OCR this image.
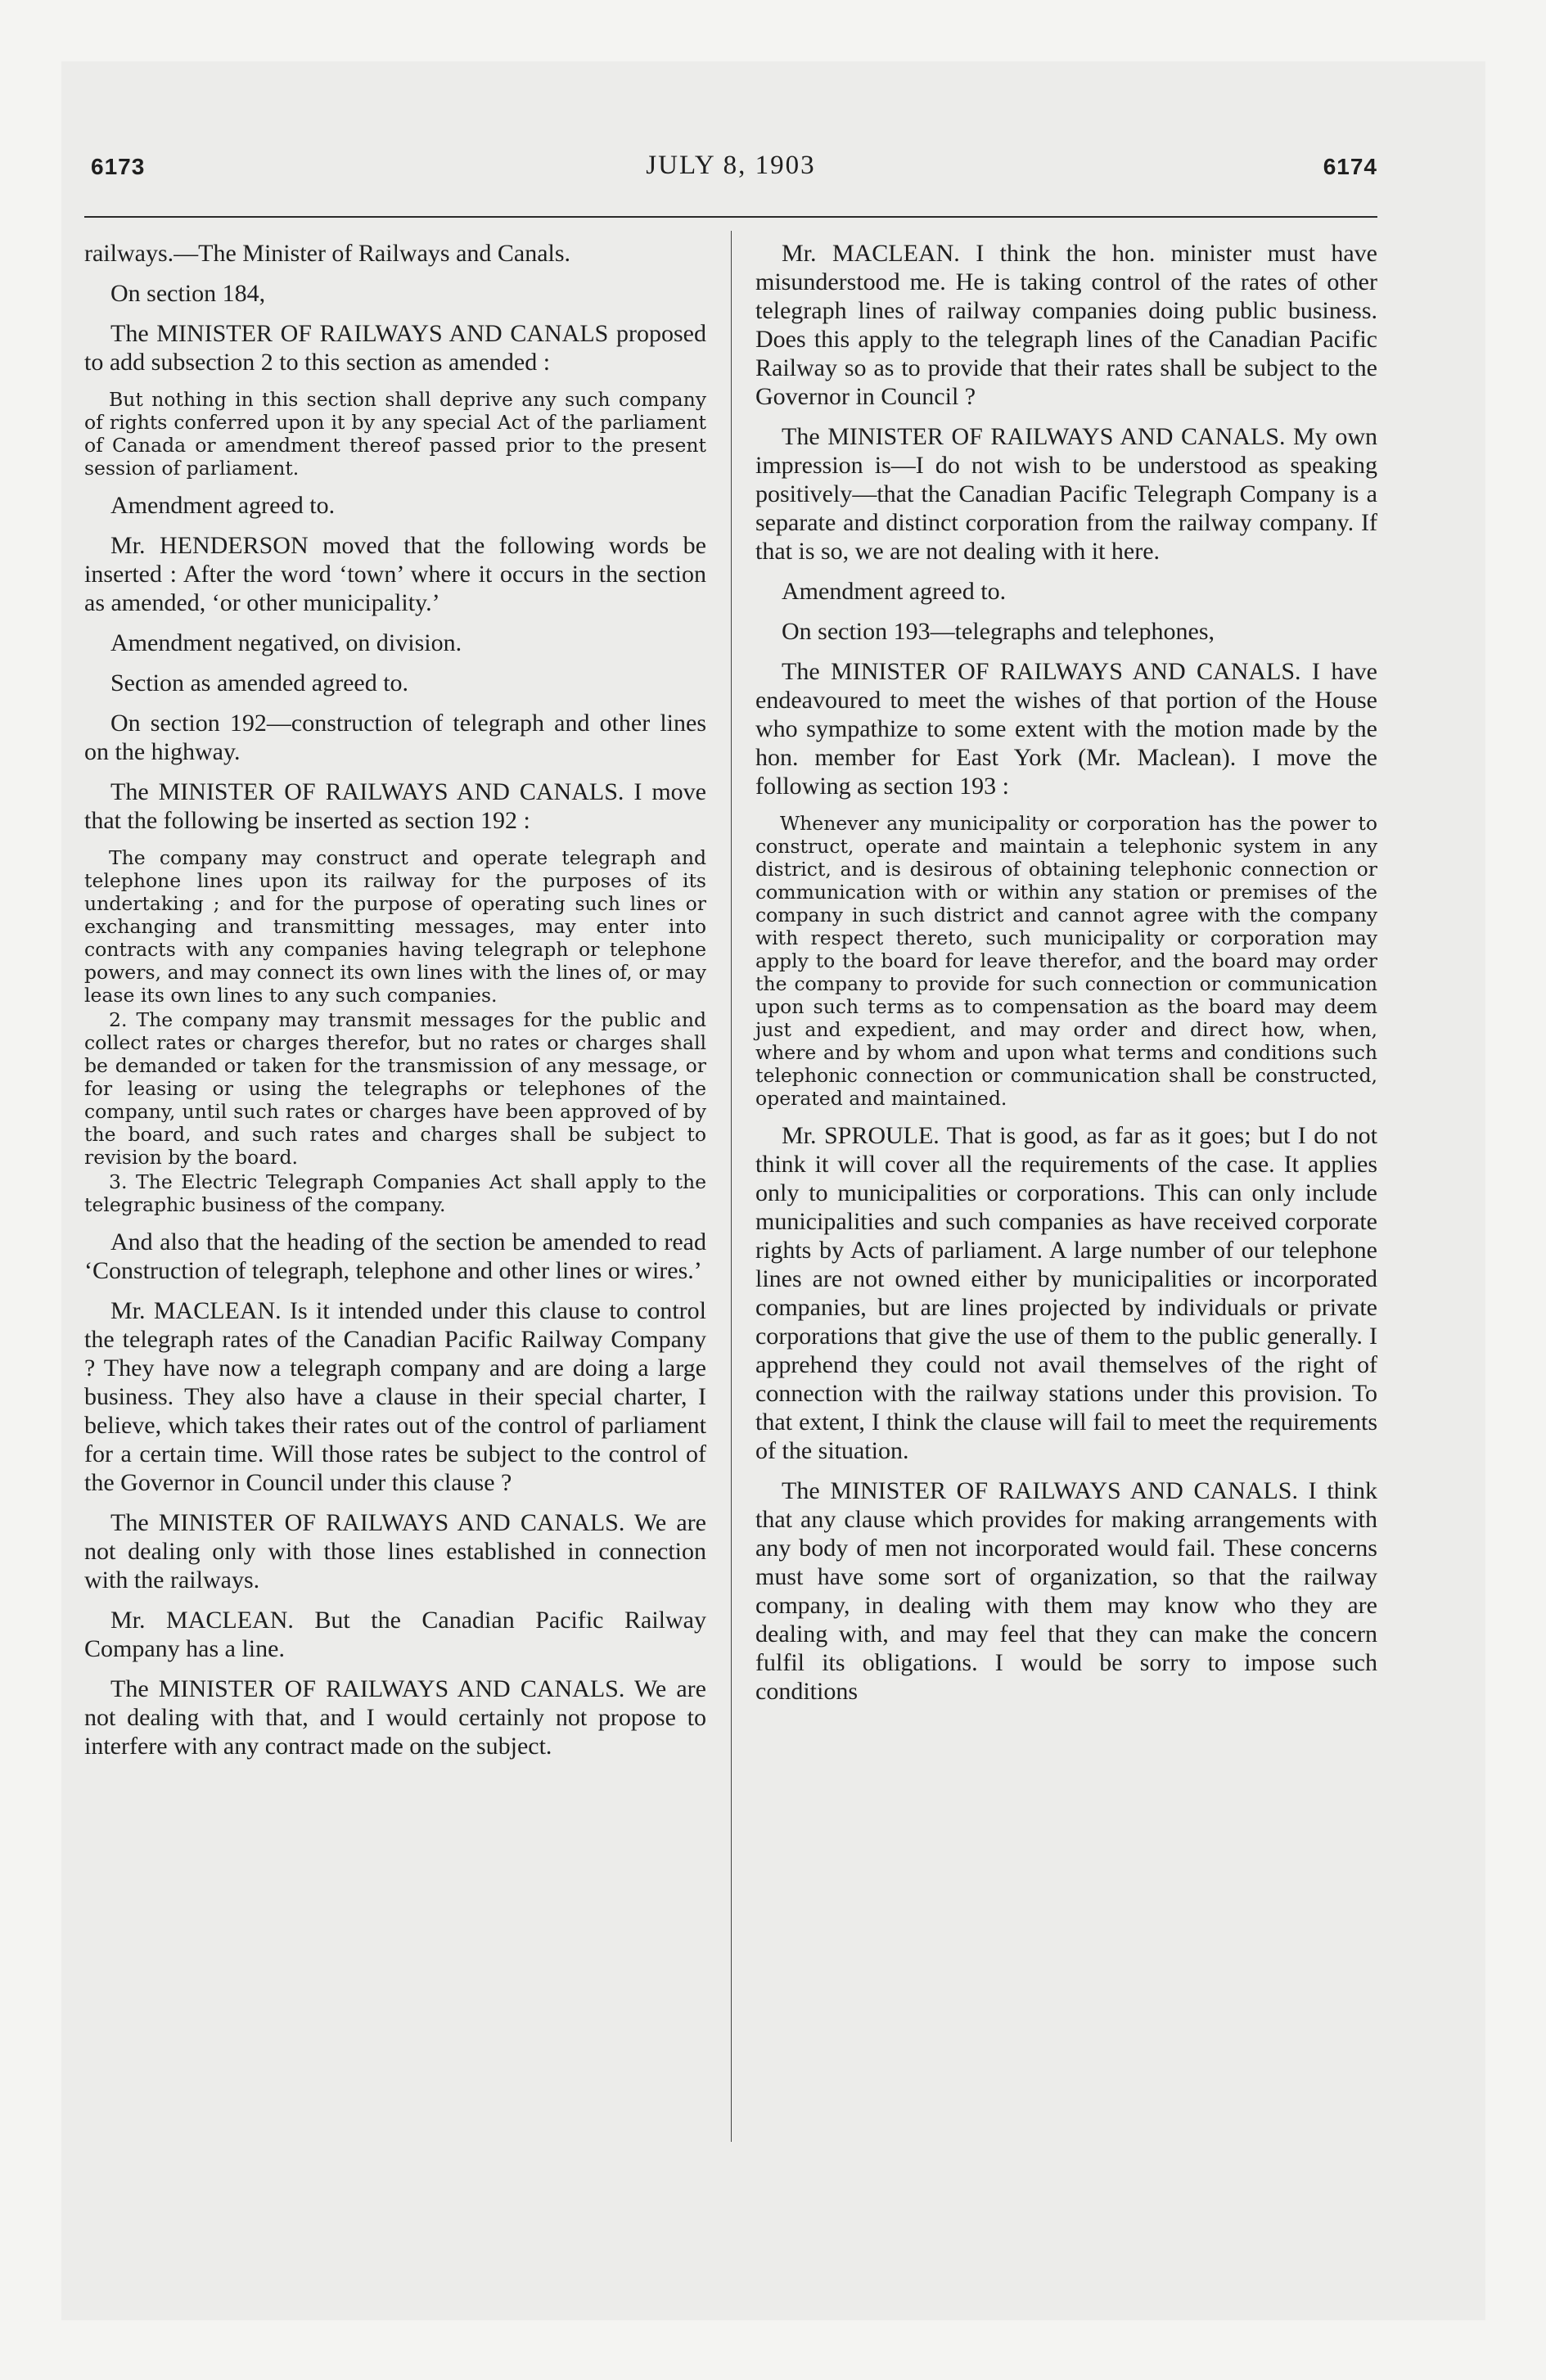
6173	JULY 8, 1903	6174

railways.—The Minister of Railways and Canals.

On section 184,

The MINISTER OF RAILWAYS AND CANALS proposed to add subsection 2 to this section as amended :

But nothing in this section shall deprive any such company of rights conferred upon it by any special Act of the parliament of Canada or amendment thereof passed prior to the present session of parliament.

Amendment agreed to.

Mr. HENDERSON moved that the following words be inserted : After the word ‘town’ where it occurs in the section as amended, ‘or other municipality.’

Amendment negatived, on division.

Section as amended agreed to.

On section 192—construction of telegraph and other lines on the highway.

The MINISTER OF RAILWAYS AND CANALS. I move that the following be inserted as section 192 :

The company may construct and operate telegraph and telephone lines upon its railway for the purposes of its undertaking ; and for the purpose of operating such lines or exchanging and transmitting messages, may enter into contracts with any companies having telegraph or telephone powers, and may connect its own lines with the lines of, or may lease its own lines to any such companies.

2. The company may transmit messages for the public and collect rates or charges therefor, but no rates or charges shall be demanded or taken for the transmission of any message, or for leasing or using the telegraphs or telephones of the company, until such rates or charges have been approved of by the board, and such rates and charges shall be subject to revision by the board.

3. The Electric Telegraph Companies Act shall apply to the telegraphic business of the company.

And also that the heading of the section be amended to read ‘Construction of telegraph, telephone and other lines or wires.’

Mr. MACLEAN. Is it intended under this clause to control the telegraph rates of the Canadian Pacific Railway Company ? They have now a telegraph company and are doing a large business. They also have a clause in their special charter, I believe, which takes their rates out of the control of parliament for a certain time. Will those rates be subject to the control of the Governor in Council under this clause ?

The MINISTER OF RAILWAYS AND CANALS. We are not dealing only with those lines established in connection with the railways.

Mr. MACLEAN. But the Canadian Pacific Railway Company has a line.

The MINISTER OF RAILWAYS AND CANALS. We are not dealing with that, and I would certainly not propose to interfere with any contract made on the subject.

Mr. MACLEAN. I think the hon. minister must have misunderstood me. He is taking control of the rates of other telegraph lines of railway companies doing public business. Does this apply to the telegraph lines of the Canadian Pacific Railway so as to provide that their rates shall be subject to the Governor in Council ?

The MINISTER OF RAILWAYS AND CANALS. My own impression is—I do not wish to be understood as speaking positively—that the Canadian Pacific Telegraph Company is a separate and distinct corporation from the railway company. If that is so, we are not dealing with it here.

Amendment agreed to.

On section 193—telegraphs and telephones,

The MINISTER OF RAILWAYS AND CANALS. I have endeavoured to meet the wishes of that portion of the House who sympathize to some extent with the motion made by the hon. member for East York (Mr. Maclean). I move the following as section 193 :

Whenever any municipality or corporation has the power to construct, operate and maintain a telephonic system in any district, and is desirous of obtaining telephonic connection or communication with or within any station or premises of the company in such district and cannot agree with the company with respect thereto, such municipality or corporation may apply to the board for leave therefor, and the board may order the company to provide for such connection or communication upon such terms as to compensation as the board may deem just and expedient, and may order and direct how, when, where and by whom and upon what terms and conditions such telephonic connection or communication shall be constructed, operated and maintained.

Mr. SPROULE. That is good, as far as it goes; but I do not think it will cover all the requirements of the case. It applies only to municipalities or corporations. This can only include municipalities and such companies as have received corporate rights by Acts of parliament. A large number of our telephone lines are not owned either by municipalities or incorporated companies, but are lines projected by individuals or private corporations that give the use of them to the public generally. I apprehend they could not avail themselves of the right of connection with the railway stations under this provision. To that extent, I think the clause will fail to meet the requirements of the situation.

The MINISTER OF RAILWAYS AND CANALS. I think that any clause which provides for making arrangements with any body of men not incorporated would fail. These concerns must have some sort of organization, so that the railway company, in dealing with them may know who they are dealing with, and may feel that they can make the concern fulfil its obligations. I would be sorry to impose such conditions
